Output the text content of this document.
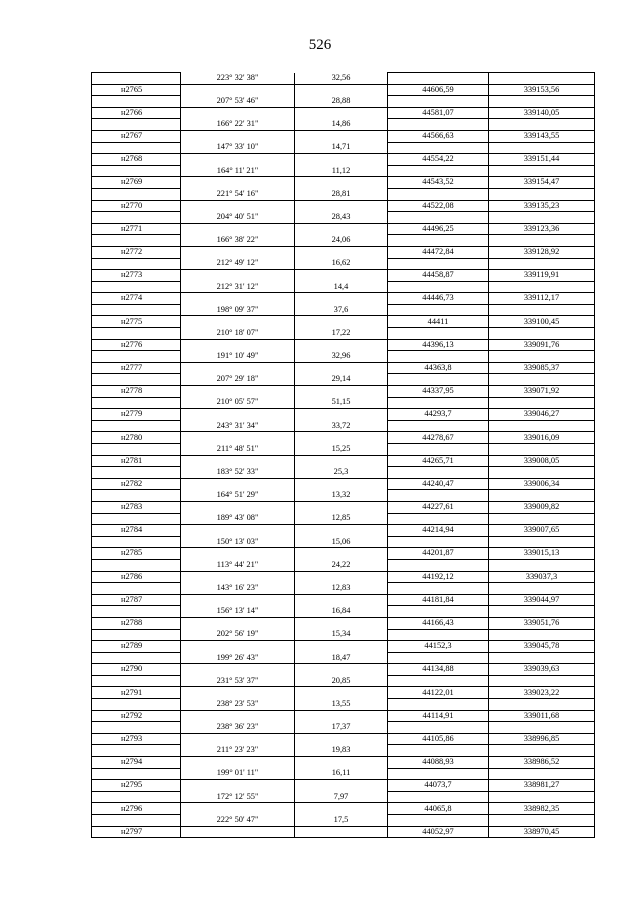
526
	223° 32' 38"	32,56		
н2765			44606,59	339153,56
	207° 53' 46"	28,88		
н2766			44581,07	339140,05
	166° 22' 31"	14,86		
н2767			44566,63	339143,55
	147° 33' 10"	14,71		
н2768			44554,22	339151,44
	164° 11' 21"	11,12		
н2769			44543,52	339154,47
	221° 54' 16"	28,81		
н2770			44522,08	339135,23
	204° 40' 51"	28,43		
н2771			44496,25	339123,36
	166° 38' 22"	24,06		
н2772			44472,84	339128,92
	212° 49' 12"	16,62		
н2773			44458,87	339119,91
	212° 31' 12"	14,4		
н2774			44446,73	339112,17
	198° 09' 37"	37,6		
н2775			44411	339100,45
	210° 18' 07"	17,22		
н2776			44396,13	339091,76
	191° 10' 49"	32,96		
н2777			44363,8	339085,37
	207° 29' 18"	29,14		
н2778			44337,95	339071,92
	210° 05' 57"	51,15		
н2779			44293,7	339046,27
	243° 31' 34"	33,72		
н2780			44278,67	339016,09
	211° 48' 51"	15,25		
н2781			44265,71	339008,05
	183° 52' 33"	25,3		
н2782			44240,47	339006,34
	164° 51' 29"	13,32		
н2783			44227,61	339009,82
	189° 43' 08"	12,85		
н2784			44214,94	339007,65
	150° 13' 03"	15,06		
н2785			44201,87	339015,13
	113° 44' 21"	24,22		
н2786			44192,12	339037,3
	143° 16' 23"	12,83		
н2787			44181,84	339044,97
	156° 13' 14"	16,84		
н2788			44166,43	339051,76
	202° 56' 19"	15,34		
н2789			44152,3	339045,78
	199° 26' 43"	18,47		
н2790			44134,88	339039,63
	231° 53' 37"	20,85		
н2791			44122,01	339023,22
	238° 23' 53"	13,55		
н2792			44114,91	339011,68
	238° 36' 23"	17,37		
н2793			44105,86	338996,85
	211° 23' 23"	19,83		
н2794			44088,93	338986,52
	199° 01' 11"	16,11		
н2795			44073,7	338981,27
	172° 12' 55"	7,97		
н2796			44065,8	338982,35
	222° 50' 47"	17,5		
н2797			44052,97	338970,45
